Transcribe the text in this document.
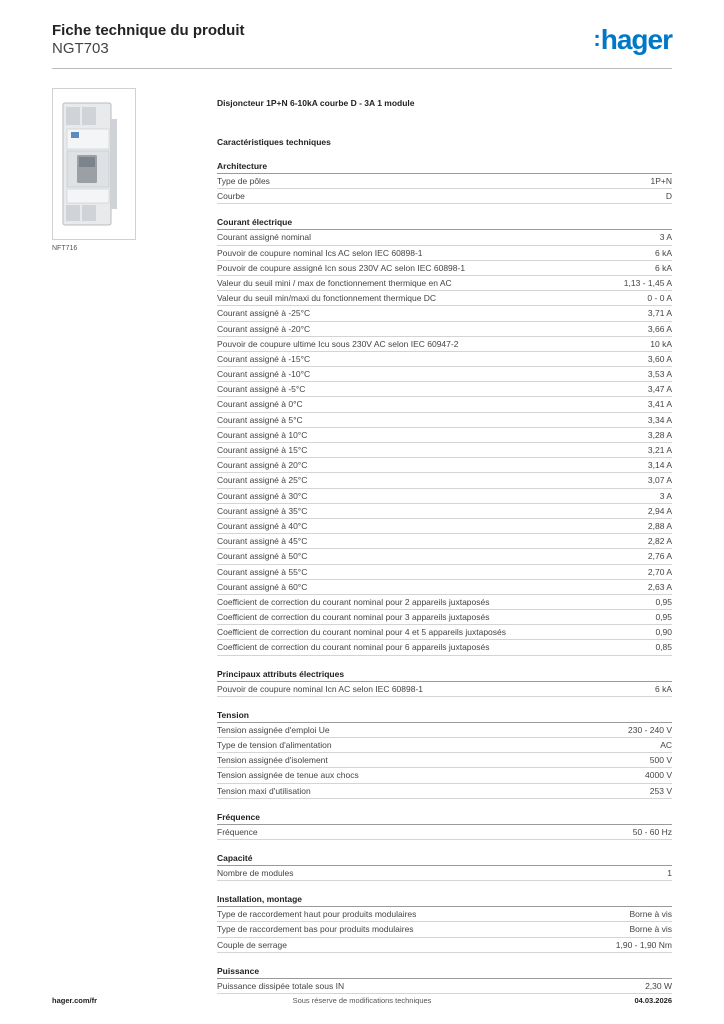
Fiche technique du produit
NGT703	:hager
NFT716
Disjoncteur 1P+N 6-10kA courbe D - 3A 1 module
Caractéristiques techniques
Architecture
Type de pôles	1P+N
Courbe	D
Courant électrique
Courant assigné nominal	3 A
Pouvoir de coupure nominal Ics AC selon IEC 60898-1	6 kA
Pouvoir de coupure assigné Icn sous 230V AC selon IEC 60898-1	6 kA
Valeur du seuil mini / max de fonctionnement thermique en AC	1,13 - 1,45 A
Valeur du seuil min/maxi du fonctionnement thermique DC	0 - 0 A
Courant assigné à -25°C	3,71 A
Courant assigné à -20°C	3,66 A
Pouvoir de coupure ultime Icu sous 230V AC selon IEC 60947-2	10 kA
Courant assigné à -15°C	3,60 A
Courant assigné à -10°C	3,53 A
Courant assigné à -5°C	3,47 A
Courant assigné à 0°C	3,41 A
Courant assigné à 5°C	3,34 A
Courant assigné à 10°C	3,28 A
Courant assigné à 15°C	3,21 A
Courant assigné à 20°C	3,14 A
Courant assigné à 25°C	3,07 A
Courant assigné à 30°C	3 A
Courant assigné à 35°C	2,94 A
Courant assigné à 40°C	2,88 A
Courant assigné à 45°C	2,82 A
Courant assigné à 50°C	2,76 A
Courant assigné à 55°C	2,70 A
Courant assigné à 60°C	2,63 A
Coefficient de correction du courant nominal pour 2 appareils juxtaposés	0,95
Coefficient de correction du courant nominal pour 3 appareils juxtaposés	0,95
Coefficient de correction du courant nominal pour 4 et 5 appareils juxtaposés	0,90
Coefficient de correction du courant nominal pour 6 appareils juxtaposés	0,85
Principaux attributs électriques
Pouvoir de coupure nominal Icn AC selon IEC 60898-1	6 kA
Tension
Tension assignée d'emploi Ue	230 - 240 V
Type de tension d'alimentation	AC
Tension assignée d'isolement	500 V
Tension assignée de tenue aux chocs	4000 V
Tension maxi d'utilisation	253 V
Fréquence
Fréquence	50 - 60 Hz
Capacité
Nombre de modules	1
Installation, montage
Type de raccordement haut pour produits modulaires	Borne à vis
Type de raccordement bas pour produits modulaires	Borne à vis
Couple de serrage	1,90 - 1,90 Nm
Puissance
Puissance dissipée totale sous IN	2,30 W
Sous réserve de modifications techniques
hager.com/fr	04.03.2026
